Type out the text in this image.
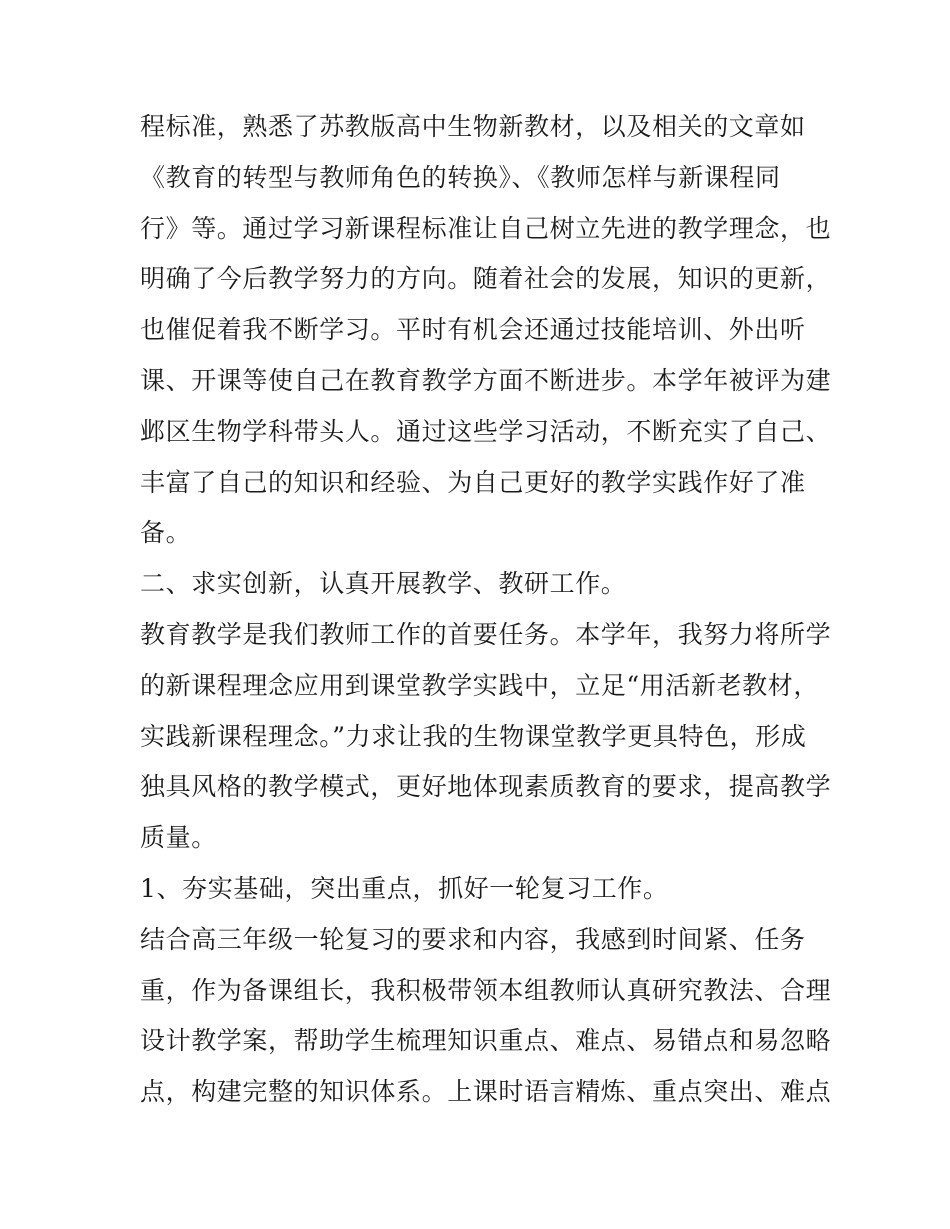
程标准，熟悉了苏教版高中生物新教材，以及相关的文章如
《教育的转型与教师角色的转换》、《教师怎样与新课程同
行》等。通过学习新课程标准让自己树立先进的教学理念，也
明确了今后教学努力的方向。随着社会的发展，知识的更新，
也催促着我不断学习。平时有机会还通过技能培训、外出听
课、开课等使自己在教育教学方面不断进步。本学年被评为建
邺区生物学科带头人。通过这些学习活动，不断充实了自己、
丰富了自己的知识和经验、为自己更好的教学实践作好了准
备。
二、求实创新，认真开展教学、教研工作。
教育教学是我们教师工作的首要任务。本学年，我努力将所学
的新课程理念应用到课堂教学实践中，立足“用活新老教材，
实践新课程理念。”力求让我的生物课堂教学更具特色，形成
独具风格的教学模式，更好地体现素质教育的要求，提高教学
质量。
1、夯实基础，突出重点，抓好一轮复习工作。
结合高三年级一轮复习的要求和内容，我感到时间紧、任务
重，作为备课组长，我积极带领本组教师认真研究教法、合理
设计教学案，帮助学生梳理知识重点、难点、易错点和易忽略
点，构建完整的知识体系。上课时语言精炼、重点突出、难点
